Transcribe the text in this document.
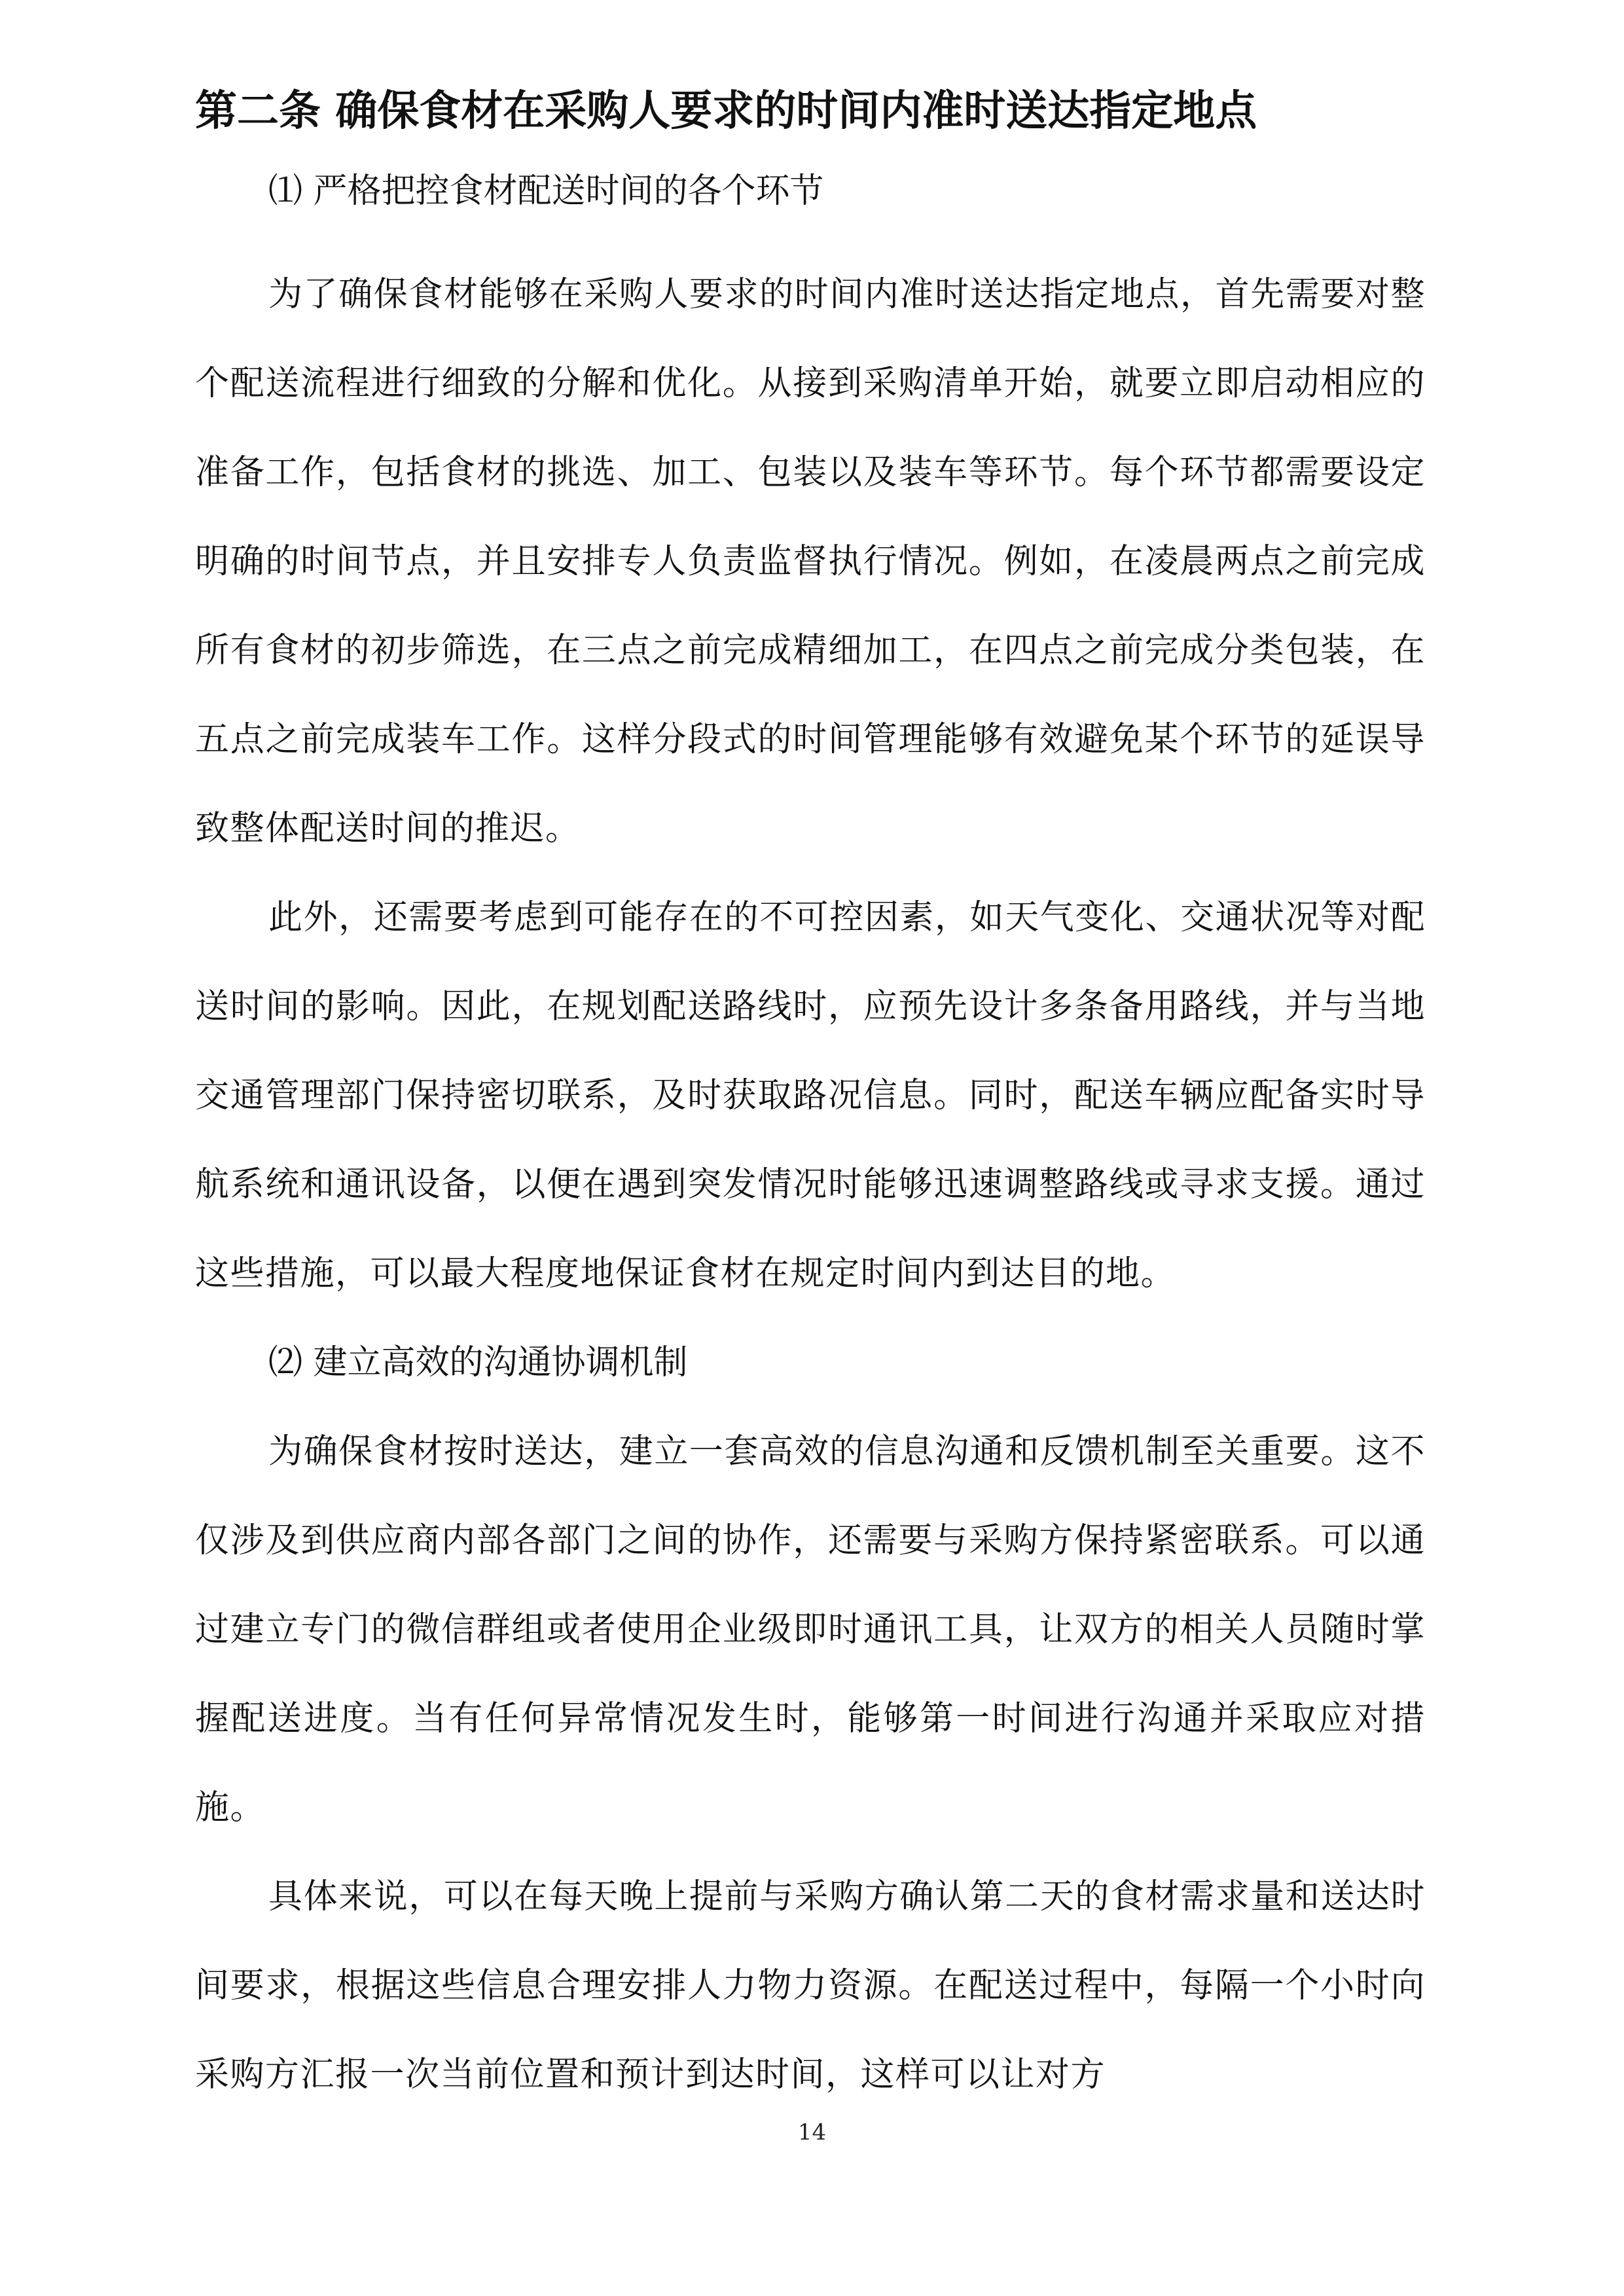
第二条 确保食材在采购人要求的时间内准时送达指定地点
⑴ 严格把控食材配送时间的各个环节

为了确保食材能够在采购人要求的时间内准时送达指定地点，首先需要对整个配送流程进行细致的分解和优化。从接到采购清单开始，就要立即启动相应的准备工作，包括食材的挑选、加工、包装以及装车等环节。每个环节都需要设定明确的时间节点，并且安排专人负责监督执行情况。例如，在凌晨两点之前完成所有食材的初步筛选，在三点之前完成精细加工，在四点之前完成分类包装，在五点之前完成装车工作。这样分段式的时间管理能够有效避免某个环节的延误导致整体配送时间的推迟。

此外，还需要考虑到可能存在的不可控因素，如天气变化、交通状况等对配送时间的影响。因此，在规划配送路线时，应预先设计多条备用路线，并与当地交通管理部门保持密切联系，及时获取路况信息。同时，配送车辆应配备实时导航系统和通讯设备，以便在遇到突发情况时能够迅速调整路线或寻求支援。通过这些措施，可以最大程度地保证食材在规定时间内到达目的地。

⑵ 建立高效的沟通协调机制

为确保食材按时送达，建立一套高效的信息沟通和反馈机制至关重要。这不仅涉及到供应商内部各部门之间的协作，还需要与采购方保持紧密联系。可以通过建立专门的微信群组或者使用企业级即时通讯工具，让双方的相关人员随时掌握配送进度。当有任何异常情况发生时，能够第一时间进行沟通并采取应对措施。

具体来说，可以在每天晚上提前与采购方确认第二天的食材需求量和送达时间要求，根据这些信息合理安排人力物力资源。在配送过程中，每隔一个小时向采购方汇报一次当前位置和预计到达时间，这样可以让对方

14
